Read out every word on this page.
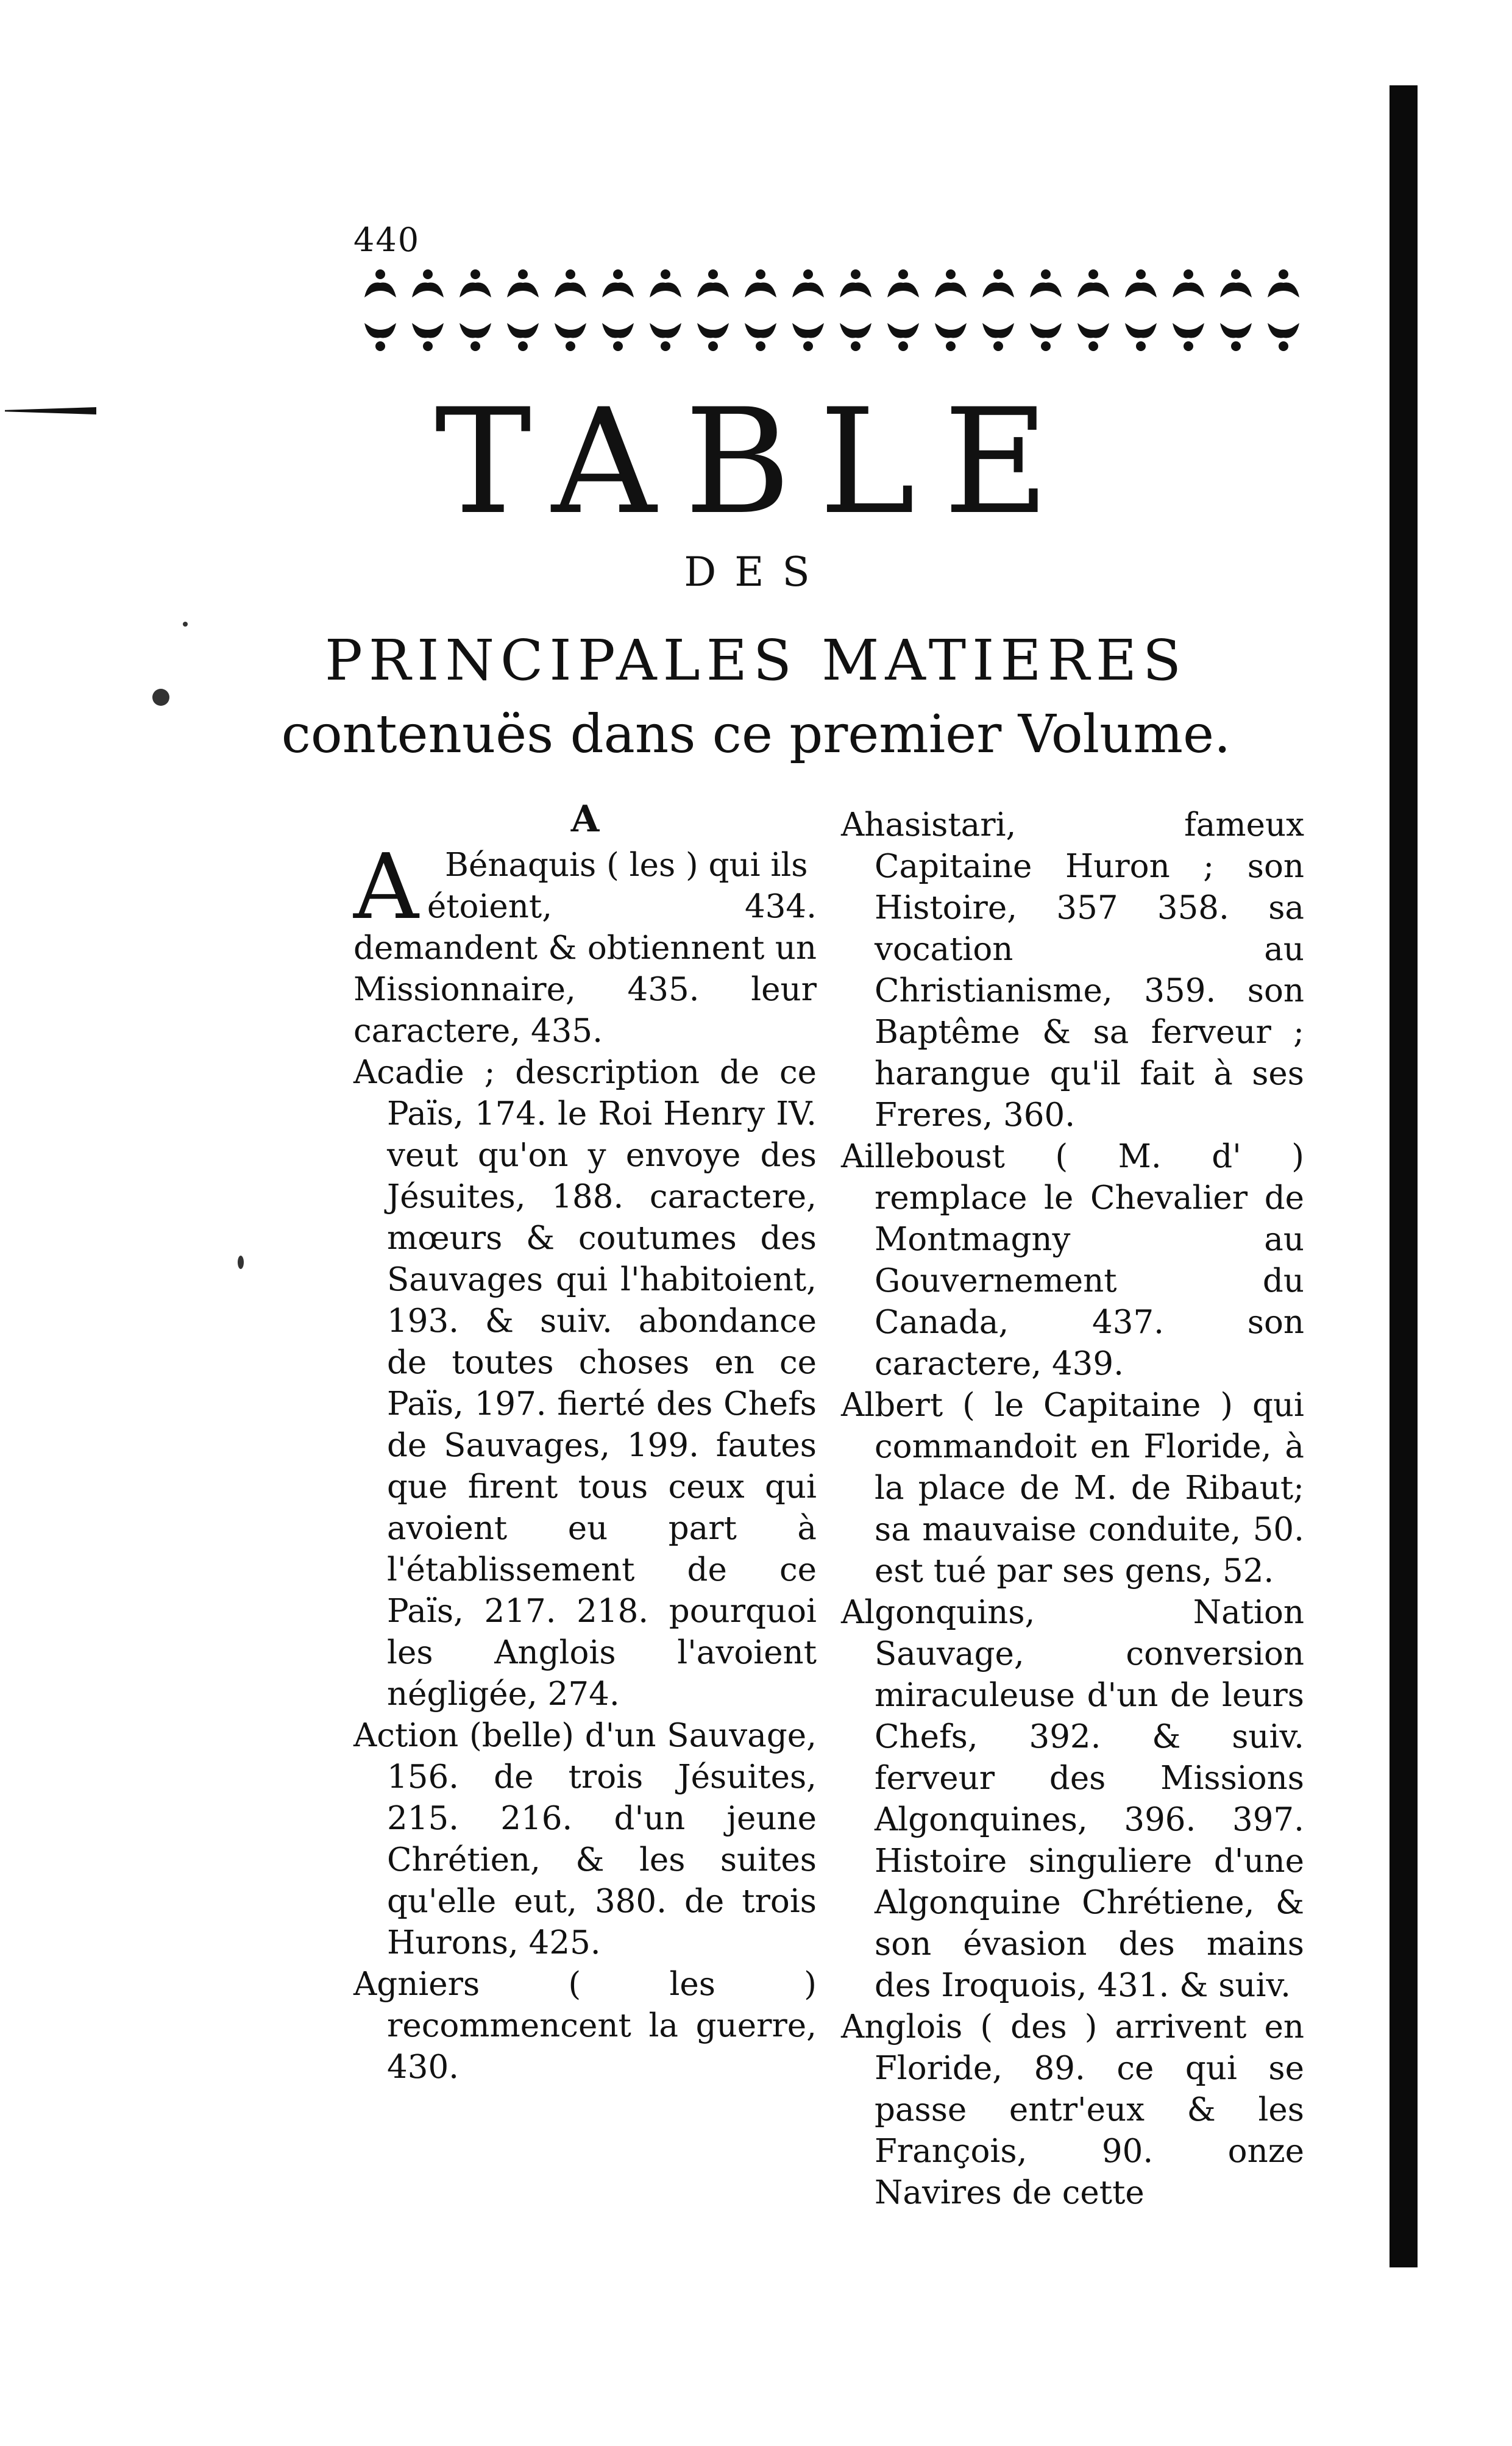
440
TABLE
DES
PRINCIPALES MATIERES
contenuës dans ce premier Volume.
A
A Bénaquis ( les ) qui ils
étoient, 434. demandent & obtiennent un Missionnaire, 435. leur caractere, 435.

Acadie ; description de ce Païs, 174. le Roi Henry IV. veut qu'on y envoye des Jésuites, 188. caractere, mœurs & coutumes des Sauvages qui l'habitoient, 193. & suiv. abondance de toutes choses en ce Païs, 197. fierté des Chefs de Sauvages, 199. fautes que firent tous ceux qui avoient eu part à l'établissement de ce Païs, 217. 218. pourquoi les Anglois l'avoient négligée, 274.

Action (belle) d'un Sauvage, 156. de trois Jésuites, 215. 216. d'un jeune Chrétien, & les suites qu'elle eut, 380. de trois Hurons, 425.

Agniers ( les ) recommencent la guerre, 430.

Ahasistari, fameux Capitaine Huron ; son Histoire, 357 358. sa vocation au Christianisme, 359. son Baptême & sa ferveur ; harangue qu'il fait à ses Freres, 360.

Ailleboust ( M. d' ) remplace le Chevalier de Montmagny au Gouvernement du Canada, 437. son caractere, 439.

Albert ( le Capitaine ) qui commandoit en Floride, à la place de M. de Ribaut; sa mauvaise conduite, 50. est tué par ses gens, 52.

Algonquins, Nation Sauvage, conversion miraculeuse d'un de leurs Chefs, 392. & suiv. ferveur des Missions Algonquines, 396. 397. Histoire singuliere d'une Algonquine Chrétiene, & son évasion des mains des Iroquois, 431. & suiv.

Anglois ( des ) arrivent en Floride, 89. ce qui se passe entr'eux & les François, 90. onze Navires de cette
